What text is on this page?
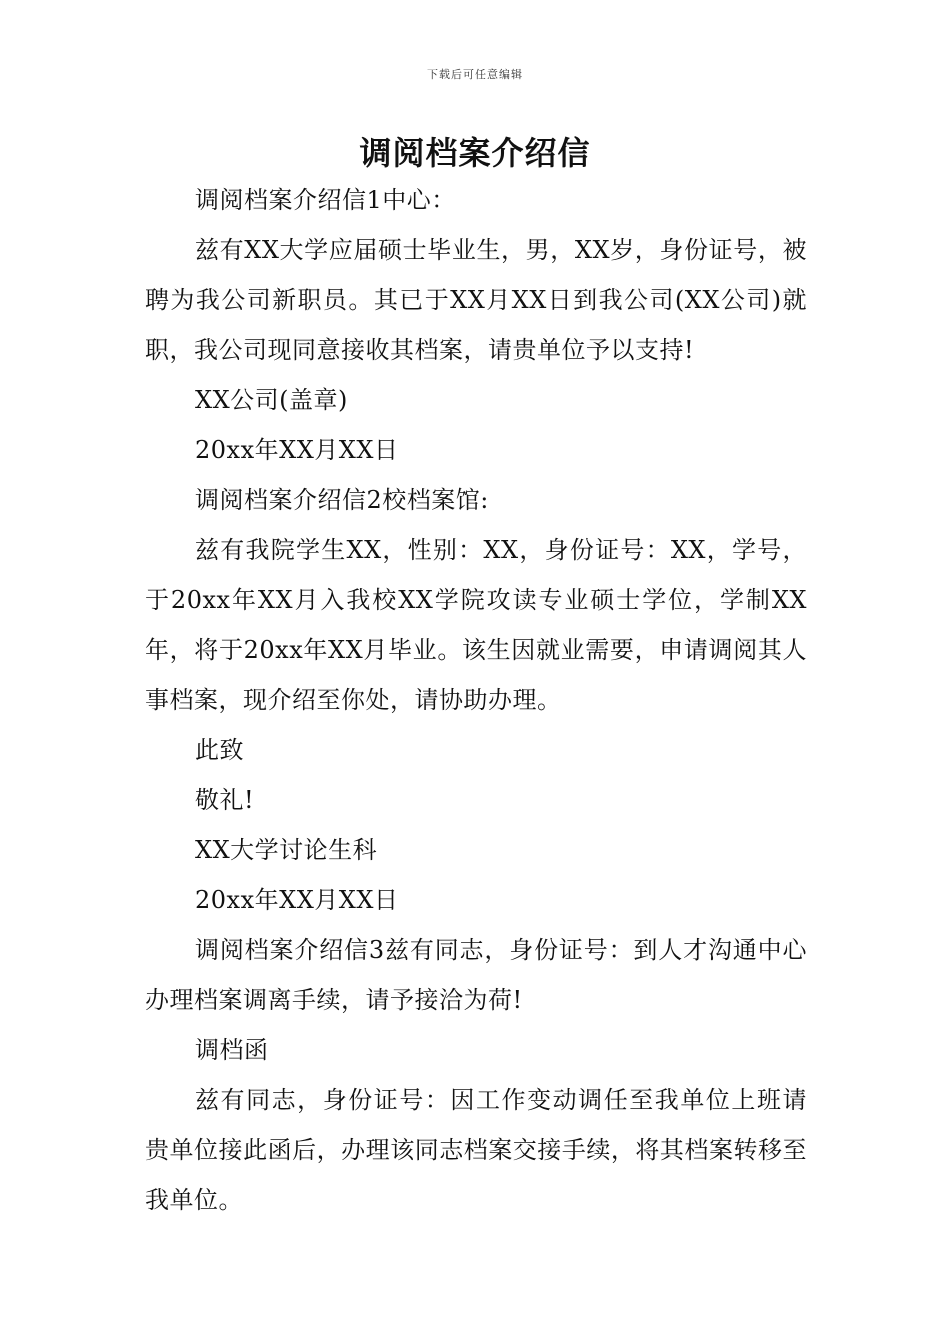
下载后可任意编辑
调阅档案介绍信

调阅档案介绍信1中心：

兹有XX大学应届硕士毕业生，男，XX岁，身份证号，被聘为我公司新职员。其已于XX月XX日到我公司(XX公司)就职，我公司现同意接收其档案，请贵单位予以支持!

XX公司(盖章)

20xx年XX月XX日

调阅档案介绍信2校档案馆:

兹有我院学生XX，性别：XX，身份证号：XX，学号，于20xx年XX月入我校XX学院攻读专业硕士学位，学制XX年，将于20xx年XX月毕业。该生因就业需要，申请调阅其人事档案，现介绍至你处，请协助办理。

此致

敬礼!

XX大学讨论生科

20xx年XX月XX日

调阅档案介绍信3兹有同志，身份证号：到人才沟通中心办理档案调离手续，请予接洽为荷!

调档函

兹有同志，身份证号：因工作变动调任至我单位上班请贵单位接此函后，办理该同志档案交接手续，将其档案转移至我单位。
